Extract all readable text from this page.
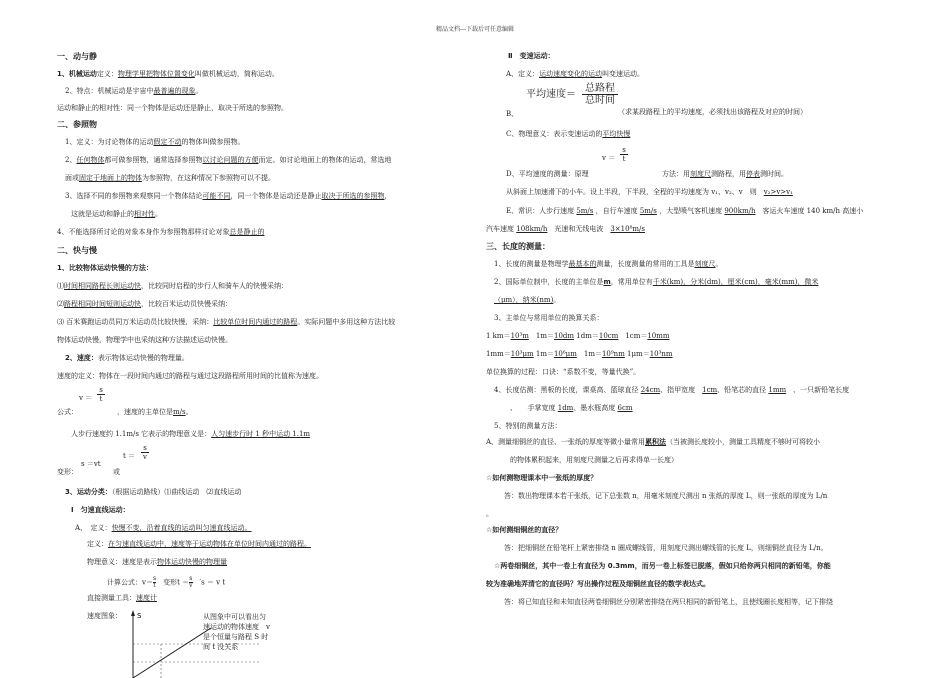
精品文档---下载后可任意编辑
一、动与静
1、机械运动定义：物理学里把物体位置变化叫做机械运动，简称运动。
2、特点：机械运动是宇宙中最普遍的现象。
运动和静止的相对性：同一个物体是运动还是静止，取决于所选的参照物。
二、参照物
1、定义：为讨论物体的运动假定不动的物体叫做参照物。
2、任何物体都可做参照物，通常选择参照物以讨论问题的方便而定。如讨论地面上的物体的运动，常选地
面或固定于地面上的物体为参照物，在这种情况下参照物可以不提。
3、选择不同的参照物来观察同一个物体结论可能不同，同一个物体是运动还是静止取决于所选的参照物，
这就是运动和静止的相对性。
4、不能选择所讨论的对象本身作为参照物那样讨论对象总是静止的
二、快与慢
1、比较物体运动快慢的方法：
⑴时间相同路程长则运动快，比较同时启程的步行人和骑车人的快慢采纳：
⑵路程相同时间短则运动快，比较百米运动员快慢采纳：
⑶ 百米赛跑运动员同万米运动员比较快慢，采纳：比较单位时间内通过的路程。实际问题中多用这种方法比较
物体运动快慢，物理学中也采纳这种方法描述运动快慢。
2、速度：表示物体运动快慢的物理量。
速度的定义：物体在一段时间内通过的路程与通过这段路程所用时间的比值称为速度。
$v = \frac{s}{t}$
公式：	，速度的主单位是m/s。
人步行速度约 1.1m/s 它表示的物理意义是：人匀速步行时 1 秒中运动 1.1m
$t = \frac{s}{v}$
s ＝vt
变形：	或
3、运动分类：（根据运动路线）⑴曲线运动　⑵直线运动
Ⅰ　匀速直线运动：
A、　定义：快慢不变，沿着直线的运动叫匀速直线运动。
定义：在匀速直线运动中，速度等于运动物体在单位时间内通过的路程。
物理意义：速度是表示物体运动快慢的物理量
计算公式：$v= \frac{s}{t}$
　 变形$t = \frac{s}{v}$ 　′s ＝ v t
直接测量工具：速度计
速度图象： S	从图象中可以看出匀
速运动的物体速度　v
是个恒量与路程 S 时
间 t 没关系
Ⅱ　变速运动：
A、定义：运动速度变化的运动叫变速运动。
平均速度＝
总路程
总时间
B、	（求某段路程上的平均速度，必须找出该路程及对应的时间）
C、物理意义：表示变速运动的平均快慢
$v = \frac{s}{t}$
D、平均速度的测量：原理	方法：用刻度尺测路程，用停表测时间。
从斜面上加速滑下的小车。设上半段，下半段，全程的平均速度为 v₁、v₂、v　则　v₂>v>v₁
E、常识：人步行速度 5m/s ，自行车速度 5m/s ，大型喷气客机速度 900km/h　客运火车速度 140 km/h 高速小
汽车速度 108km/h　光速和无线电波　3×10⁸m/s
三、长度的测量：
1、长度的测量是物理学最基本的测量，长度测量的常用的工具是刻度尺。
2、国际单位制中，长度的主单位是m，常用单位有千米(km)，分米(dm)，厘米(cm)，毫米(mm)，微米
（μm），纳米(nm)。
3、主单位与常用单位的换算关系：
1 km＝10³m　1m＝10dm 1dm＝10cm　1cm＝10mm
1mm＝10³μm 1m＝10⁶μm　1m＝10⁹nm 1μm＝10³nm
单位换算的过程：口诀：“系数不变，等量代换”。
4、长度估测：黑板的长度，课桌高、篮球直径 24cm、指甲宽度　1cm、铅笔芯的直径 1mm　、一只新铅笔长度
、　　手掌宽度 1dm、墨水瓶高度 6cm
5、特别的测量方法：
A、测量细铜丝的直径、一张纸的厚度等微小量常用累积法（当被测长度较小，测量工具精度不够时可将较小
的物体累积起来，用刻度尺测量之后再求得单一长度）
☆如何测物理课本中一张纸的厚度？
答：数出物理课本若干张纸，记下总张数 n，用毫米刻度尺测出 n 张纸的厚度 L，则一张纸的厚度为 L/n
。
☆如何测细铜丝的直径？
答：把细铜丝在铅笔杆上紧密排绕 n 圈成螺线管，用刻度尺测出螺线管的长度 L，则细铜丝直径为 L/n。
☆两卷细铜丝，其中一卷上有直径为 0.3mm，而另一卷上标签已脱落，假如只给你两只相同的新铅笔，你能
较为准确地弄清它的直径吗？写出操作过程及细铜丝直径的数学表达式。
答：将已知直径和未知直径两卷细铜丝分别紧密排绕在两只相同的新铅笔上，且使线圈长度相等，记下排绕
